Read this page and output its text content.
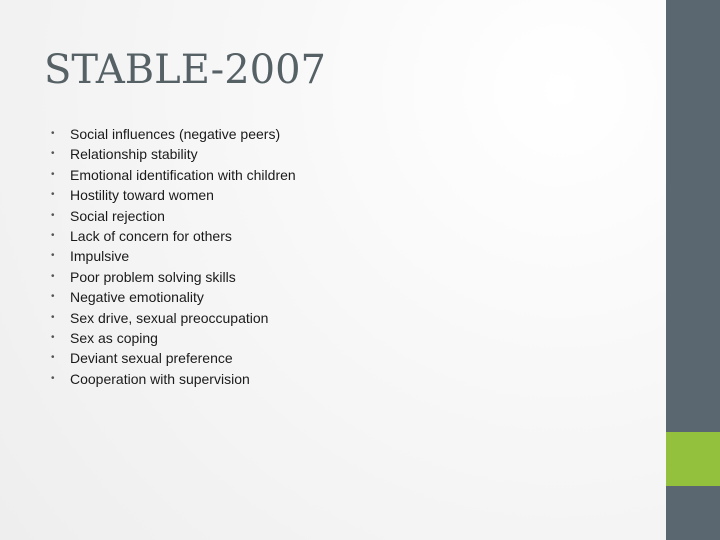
STABLE-2007
• Social influences (negative peers)
• Relationship stability
• Emotional identification with children
• Hostility toward women
• Social rejection
• Lack of concern for others
• Impulsive
• Poor problem solving skills
• Negative emotionality
• Sex drive, sexual preoccupation
• Sex as coping
• Deviant sexual preference
• Cooperation with supervision
